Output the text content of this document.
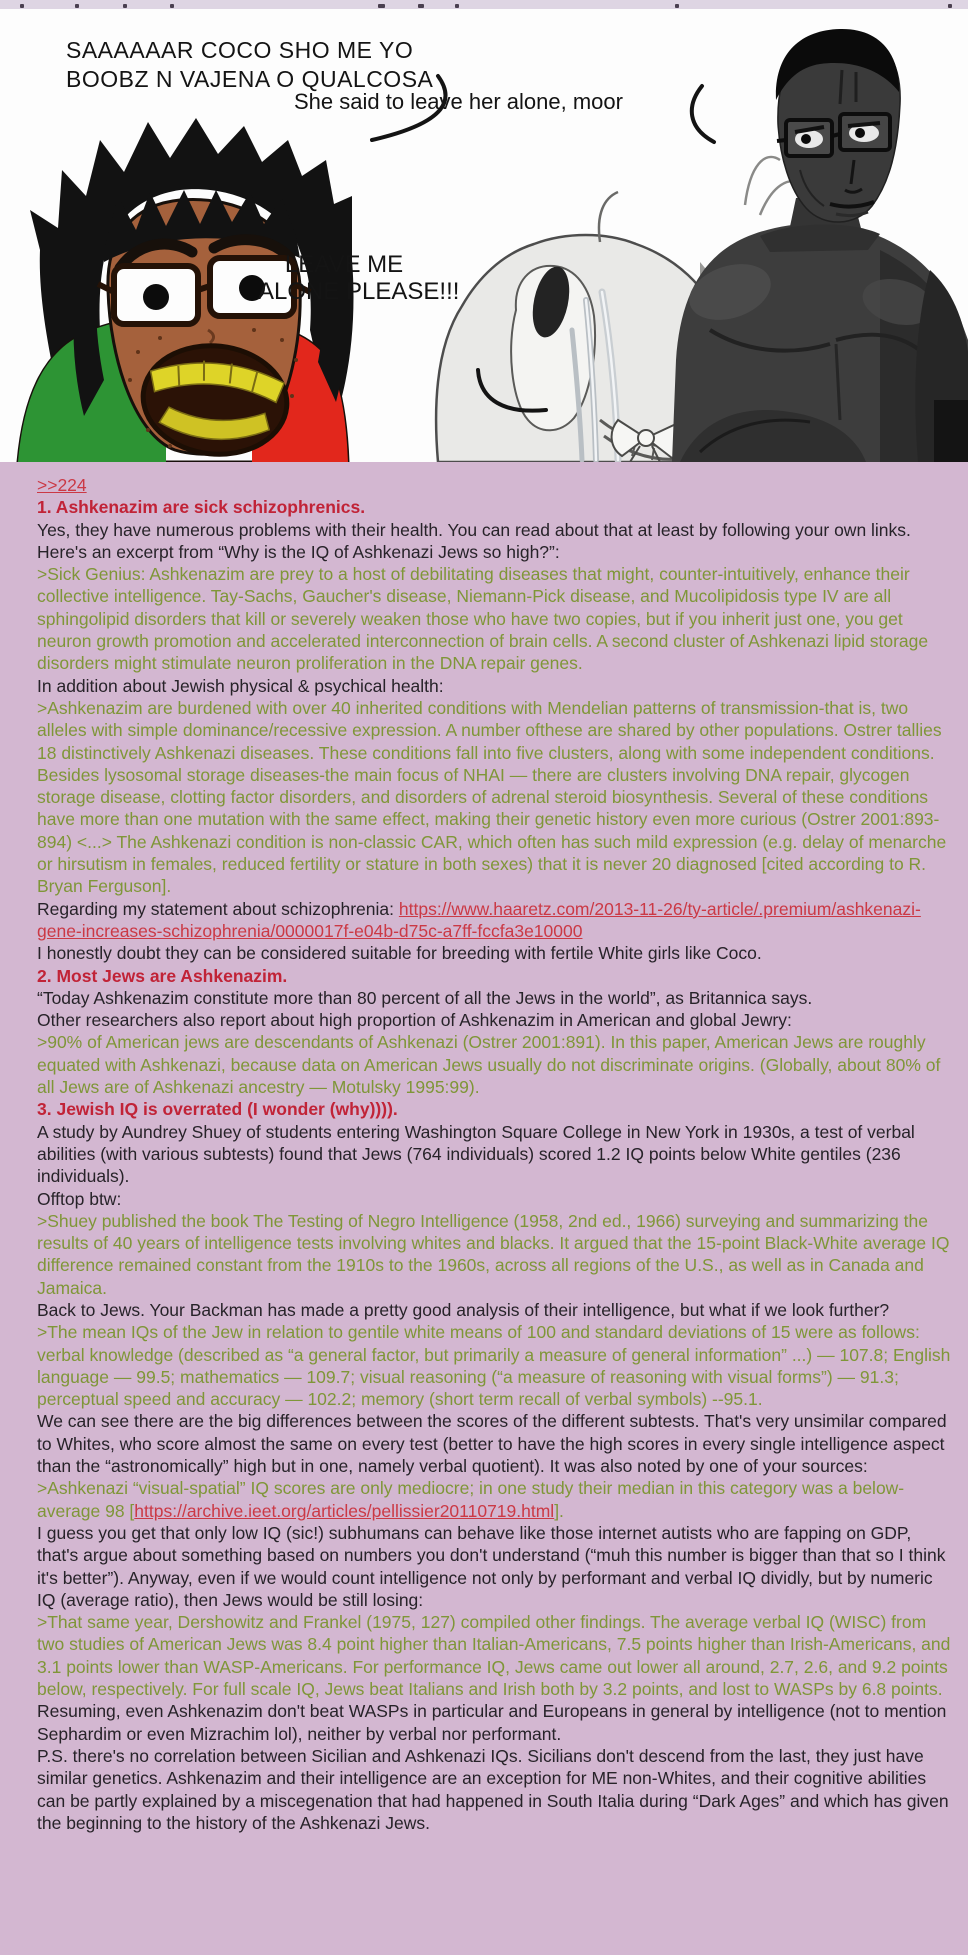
SAAAAAAR COCO SHO ME YO
BOOBZ N VAJENA O QUALCOSA
She said to leave her alone, moor
LEAVE ME
ALONE PLEASE!!!
>>224
1. Ashkenazim are sick schizophrenics.
Yes, they have numerous problems with their health. You can read about that at least by following your own links.
Here's an excerpt from “Why is the IQ of Ashkenazi Jews so high?”:
>Sick Genius: Ashkenazim are prey to a host of debilitating diseases that might, counter-intuitively, enhance their collective intelligence. Tay-Sachs, Gaucher's disease, Niemann-Pick disease, and Mucolipidosis type IV are all sphingolipid disorders that kill or severely weaken those who have two copies, but if you inherit just one, you get neuron growth promotion and accelerated interconnection of brain cells. A second cluster of Ashkenazi lipid storage disorders might stimulate neuron proliferation in the DNA repair genes.
In addition about Jewish physical & psychical health:
>Ashkenazim are burdened with over 40 inherited conditions with Mendelian patterns of transmission-that is, two alleles with simple dominance/recessive expression. A number ofthese are shared by other populations. Ostrer tallies 18 distinctively Ashkenazi diseases. These conditions fall into five clusters, along with some independent conditions. Besides lysosomal storage diseases-the main focus of NHAI — there are clusters involving DNA repair, glycogen storage disease, clotting factor disorders, and disorders of adrenal steroid biosynthesis. Several of these conditions have more than one mutation with the same effect, making their genetic history even more curious (Ostrer 2001:893-894) <...> The Ashkenazi condition is non-classic CAR, which often has such mild expression (e.g. delay of menarche or hirsutism in females, reduced fertility or stature in both sexes) that it is never 20 diagnosed [cited according to R. Bryan Ferguson].
Regarding my statement about schizophrenia: https://www.haaretz.com/2013-11-26/ty-article/.premium/ashkenazi-gene-increases-schizophrenia/0000017f-e04b-d75c-a7ff-fccfa3e10000
I honestly doubt they can be considered suitable for breeding with fertile White girls like Coco.
2. Most Jews are Ashkenazim.
“Today Ashkenazim constitute more than 80 percent of all the Jews in the world”, as Britannica says.
Other researchers also report about high proportion of Ashkenazim in American and global Jewry:
>90% of American jews are descendants of Ashkenazi (Ostrer 2001:891). In this paper, American Jews are roughly equated with Ashkenazi, because data on American Jews usually do not discriminate origins. (Globally, about 80% of all Jews are of Ashkenazi ancestry — Motulsky 1995:99).
3. Jewish IQ is overrated (I wonder (why)))).
A study by Aundrey Shuey of students entering Washington Square College in New York in 1930s, a test of verbal abilities (with various subtests) found that Jews (764 individuals) scored 1.2 IQ points below White gentiles (236 individuals).
Offtop btw:
>Shuey published the book The Testing of Negro Intelligence (1958, 2nd ed., 1966) surveying and summarizing the results of 40 years of intelligence tests involving whites and blacks. It argued that the 15-point Black-White average IQ difference remained constant from the 1910s to the 1960s, across all regions of the U.S., as well as in Canada and Jamaica.
Back to Jews. Your Backman has made a pretty good analysis of their intelligence, but what if we look further?
>The mean IQs of the Jew in relation to gentile white means of 100 and standard deviations of 15 were as follows: verbal knowledge (described as “a general factor, but primarily a measure of general information” ...) — 107.8; English language — 99.5; mathematics — 109.7; visual reasoning (“a measure of reasoning with visual forms”) — 91.3; perceptual speed and accuracy — 102.2; memory (short term recall of verbal symbols) --95.1.
We can see there are the big differences between the scores of the different subtests. That's very unsimilar compared to Whites, who score almost the same on every test (better to have the high scores in every single intelligence aspect than the “astronomically” high but in one, namely verbal quotient). It was also noted by one of your sources:
>Ashkenazi “visual-spatial” IQ scores are only mediocre; in one study their median in this category was a below-average 98 [https://archive.ieet.org/articles/pellissier20110719.html].
I guess you get that only low IQ (sic!) subhumans can behave like those internet autists who are fapping on GDP, that's argue about something based on numbers you don't understand (“muh this number is bigger than that so I think it's better”). Anyway, even if we would count intelligence not only by performant and verbal IQ dividly, but by numeric IQ (average ratio), then Jews would be still losing:
>That same year, Dershowitz and Frankel (1975, 127) compiled other findings. The average verbal IQ (WISC) from two studies of American Jews was 8.4 point higher than Italian-Americans, 7.5 points higher than Irish-Americans, and 3.1 points lower than WASP-Americans. For performance IQ, Jews came out lower all around, 2.7, 2.6, and 9.2 points below, respectively. For full scale IQ, Jews beat Italians and Irish both by 3.2 points, and lost to WASPs by 6.8 points.
Resuming, even Ashkenazim don't beat WASPs in particular and Europeans in general by intelligence (not to mention Sephardim or even Mizrachim lol), neither by verbal nor performant.
P.S. there's no correlation between Sicilian and Ashkenazi IQs. Sicilians don't descend from the last, they just have similar genetics. Ashkenazim and their intelligence are an exception for ME non-Whites, and their cognitive abilities can be partly explained by a miscegenation that had happened in South Italia during “Dark Ages” and which has given the beginning to the history of the Ashkenazi Jews.
